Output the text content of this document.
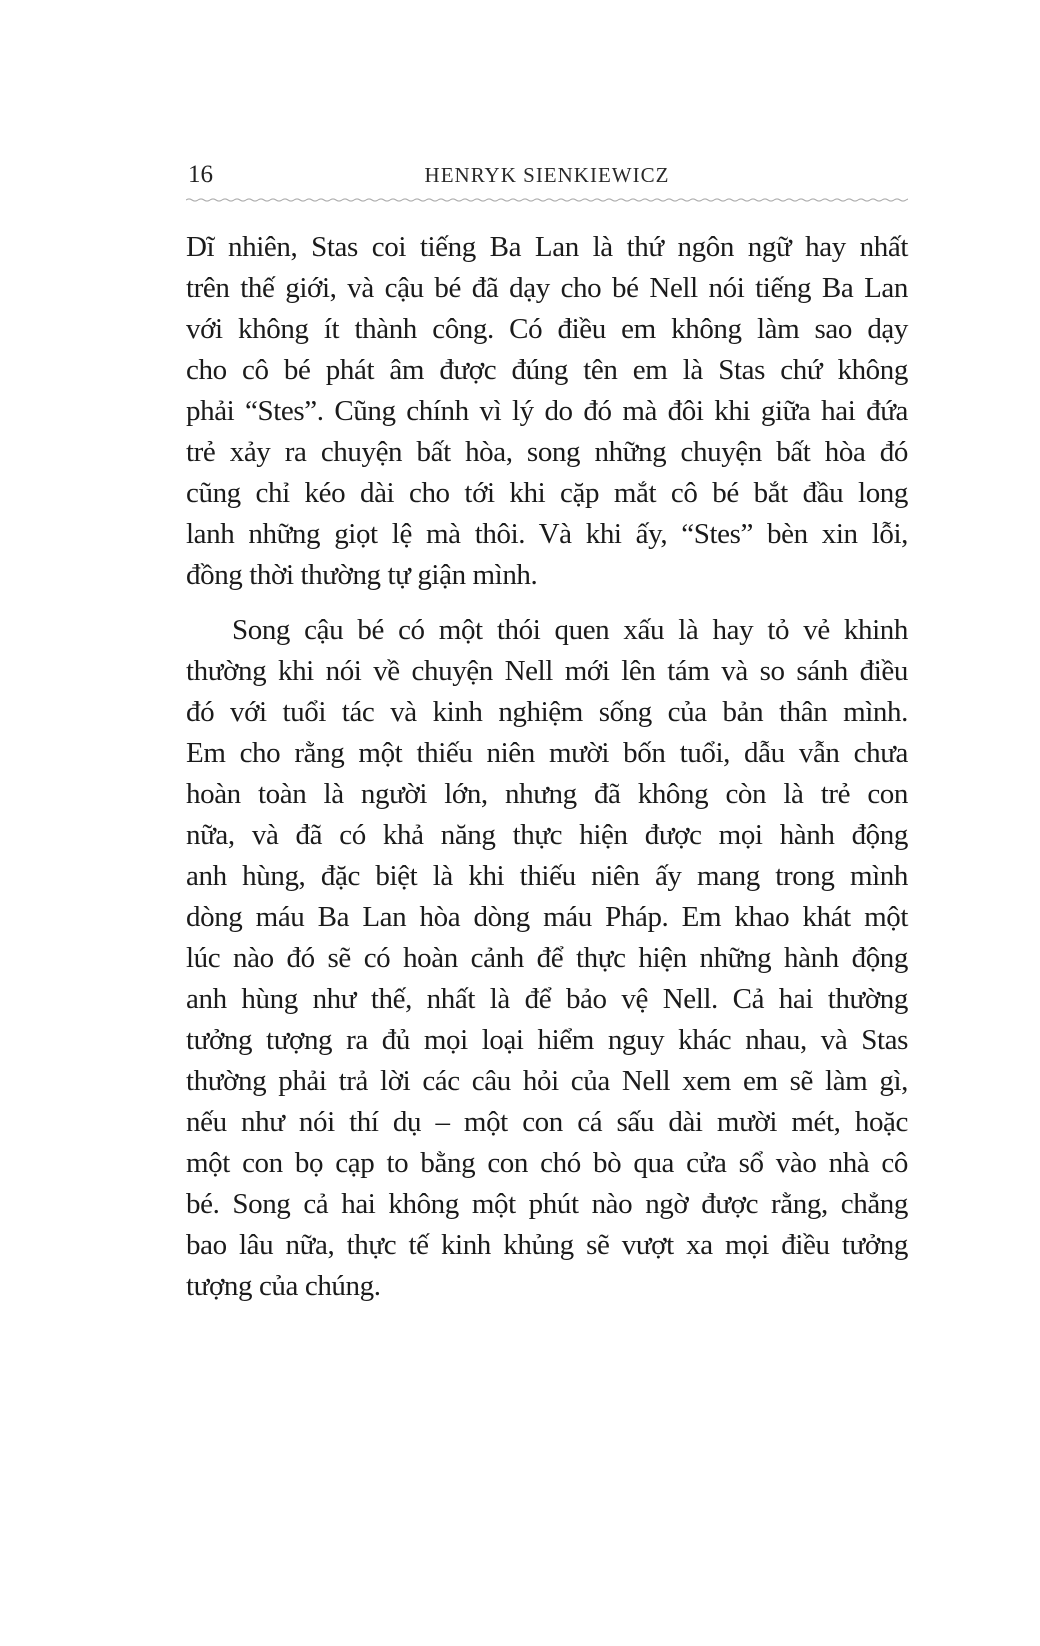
16	HENRYK SIENKIEWICZ
Dĩ nhiên, Stas coi tiếng Ba Lan là thứ ngôn ngữ hay nhất
trên thế giới, và cậu bé đã dạy cho bé Nell nói tiếng Ba Lan
với không ít thành công. Có điều em không làm sao dạy
cho cô bé phát âm được đúng tên em là Stas chứ không
phải “Stes”. Cũng chính vì lý do đó mà đôi khi giữa hai đứa
trẻ xảy ra chuyện bất hòa, song những chuyện bất hòa đó
cũng chỉ kéo dài cho tới khi cặp mắt cô bé bắt đầu long
lanh những giọt lệ mà thôi. Và khi ấy, “Stes” bèn xin lỗi,
đồng thời thường tự giận mình.
Song cậu bé có một thói quen xấu là hay tỏ vẻ khinh
thường khi nói về chuyện Nell mới lên tám và so sánh điều
đó với tuổi tác và kinh nghiệm sống của bản thân mình.
Em cho rằng một thiếu niên mười bốn tuổi, dẫu vẫn chưa
hoàn toàn là người lớn, nhưng đã không còn là trẻ con
nữa, và đã có khả năng thực hiện được mọi hành động
anh hùng, đặc biệt là khi thiếu niên ấy mang trong mình
dòng máu Ba Lan hòa dòng máu Pháp. Em khao khát một
lúc nào đó sẽ có hoàn cảnh để thực hiện những hành động
anh hùng như thế, nhất là để bảo vệ Nell. Cả hai thường
tưởng tượng ra đủ mọi loại hiểm nguy khác nhau, và Stas
thường phải trả lời các câu hỏi của Nell xem em sẽ làm gì,
nếu như nói thí dụ – một con cá sấu dài mười mét, hoặc
một con bọ cạp to bằng con chó bò qua cửa sổ vào nhà cô
bé. Song cả hai không một phút nào ngờ được rằng, chẳng
bao lâu nữa, thực tế kinh khủng sẽ vượt xa mọi điều tưởng
tượng của chúng.
